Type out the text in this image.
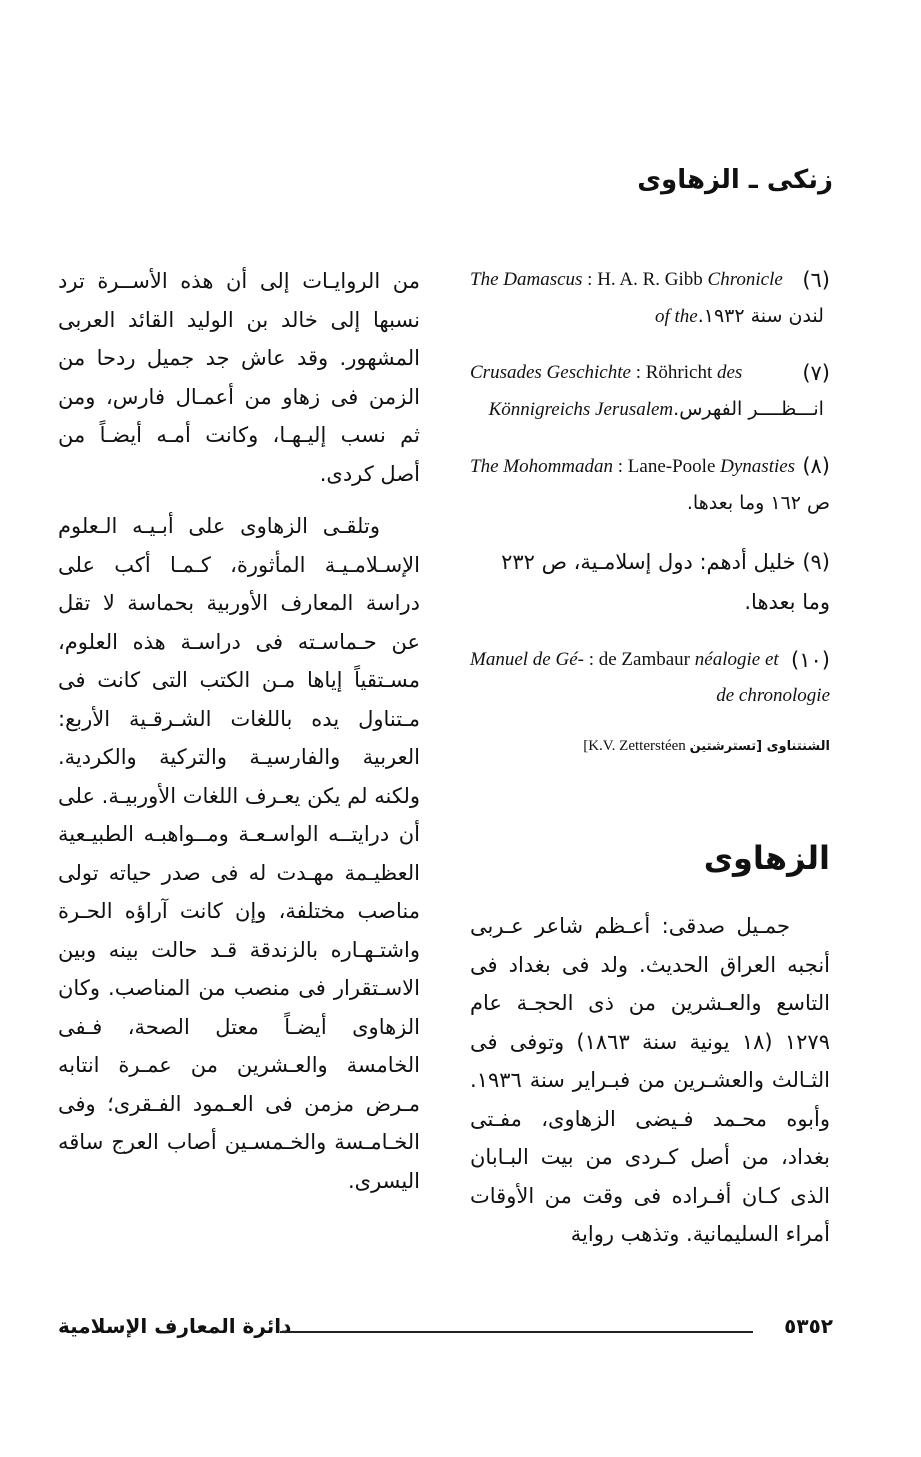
زنكى ـ الزهاوى

(٦)
The Damascus : H. A. R. Gibb Chronicle of the لندن سنة ١٩٣٢.

(٧)
Crusades Geschichte : Röhricht des Könnigreichs Jerusalem انـــظــــر الفهرس.

(٨)
The Mohommadan : Lane-Poole Dynasties ص ١٦٢ وما بعدها.

(٩) خليل أدهم: دول إسلامـية، ص ٢٣٢ وما بعدها.

(١٠)
Manuel de Gé- : de Zambaur néalogie et de chronologie

[K.V. Zetterstéen الشنتناوى [تسترشتين
الزهاوى

جمـيل صدقى: أعـظم شاعر عـربى أنجبه العراق الحديث. ولد فى بغداد فى التاسع والعـشرين من ذى الحجـة عام ١٢٧٩ (١٨ يونية سنة ١٨٦٣) وتوفى فى الثـالث والعشـرين من فبـراير سنة ١٩٣٦. وأبوه محـمد فـيضى الزهاوى، مفـتى بغداد، من أصل كـردى من بيت البـابان الذى كـان أفـراده فى وقت من الأوقات أمراء السليمانية. وتذهب رواية

من الروايـات إلى أن هذه الأســرة ترد نسبها إلى خالد بن الوليد القائد العربى المشهور. وقد عاش جد جميل ردحا من الزمن فى زهاو من أعمـال فارس، ومن ثم نسب إليـهـا، وكانت أمـه أيضـاً من أصل كردى.

وتلقـى الزهاوى على أبـيـه الـعلوم الإسـلامـيـة المأثورة، كـمـا أكب على دراسة المعارف الأوربية بحماسة لا تقل عن حـماسـته فى دراسـة هذه العلوم، مسـتقياً إياها مـن الكتب التى كانت فى مـتناول يده باللغات الشـرقـية الأربع: العربية والفارسيـة والتركية والكردية. ولكنه لم يكن يعـرف اللغات الأوربيـة. على أن درايتــه الواسـعـة ومــواهبـه الطبيـعية العظيـمة مهـدت له فى صدر حياته تولى مناصب مختلفة، وإن كانت آراؤه الحـرة واشتـهـاره بالزندقة قـد حالت بينه وبين الاسـتقرار فى منصب من المناصب. وكان الزهاوى أيضـاً معتل الصحة، فـفى الخامسة والعـشرين من عمـرة انتابه مـرض مزمن فى العـمود الفـقرى؛ وفى الخـامـسة والخـمسـين أصاب العرج ساقه اليسرى.

دائرة المعارف الإسلامية	٥٣٥٢
